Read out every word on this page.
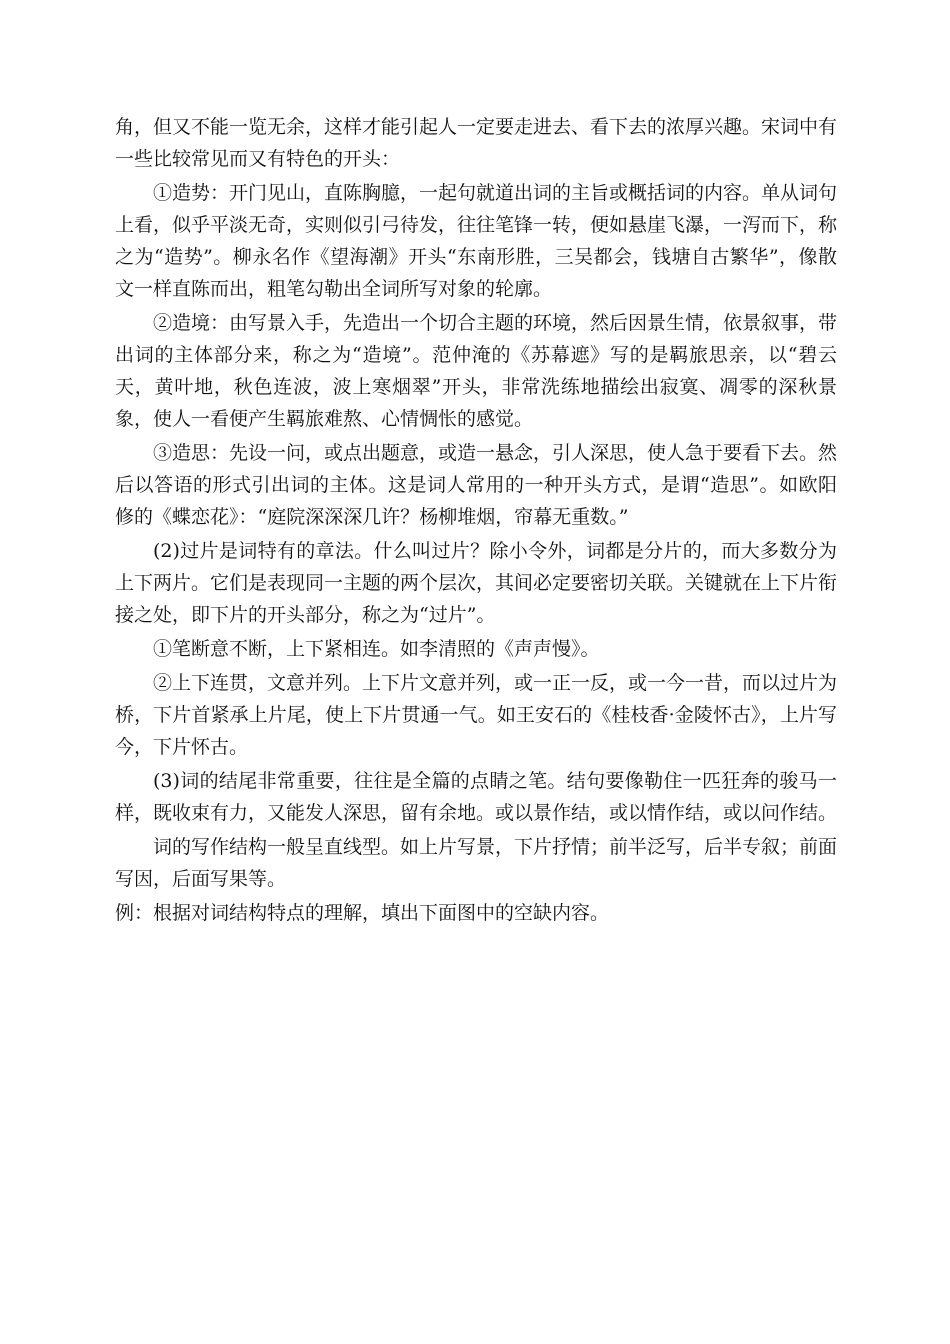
角，但又不能一览无余，这样才能引起人一定要走进去、看下去的浓厚兴趣。宋词中有一些比较常见而又有特色的开头：

①造势：开门见山，直陈胸臆，一起句就道出词的主旨或概括词的内容。单从词句上看，似乎平淡无奇，实则似引弓待发，往往笔锋一转，便如悬崖飞瀑，一泻而下，称之为“造势”。柳永名作《望海潮》开头“东南形胜，三吴都会，钱塘自古繁华”，像散文一样直陈而出，粗笔勾勒出全词所写对象的轮廓。

②造境：由写景入手，先造出一个切合主题的环境，然后因景生情，依景叙事，带出词的主体部分来，称之为“造境”。范仲淹的《苏幕遮》写的是羁旅思亲，以“碧云天，黄叶地，秋色连波，波上寒烟翠”开头，非常洗练地描绘出寂寞、凋零的深秋景象，使人一看便产生羁旅难熬、心情惆怅的感觉。

③造思：先设一问，或点出题意，或造一悬念，引人深思，使人急于要看下去。然后以答语的形式引出词的主体。这是词人常用的一种开头方式，是谓“造思”。如欧阳修的《蝶恋花》：“庭院深深深几许？杨柳堆烟，帘幕无重数。”

(2)过片是词特有的章法。什么叫过片？除小令外，词都是分片的，而大多数分为上下两片。它们是表现同一主题的两个层次，其间必定要密切关联。关键就在上下片衔接之处，即下片的开头部分，称之为“过片”。

①笔断意不断，上下紧相连。如李清照的《声声慢》。

②上下连贯，文意并列。上下片文意并列，或一正一反，或一今一昔，而以过片为桥，下片首紧承上片尾，使上下片贯通一气。如王安石的《桂枝香·金陵怀古》，上片写今，下片怀古。

(3)词的结尾非常重要，往往是全篇的点睛之笔。结句要像勒住一匹狂奔的骏马一样，既收束有力，又能发人深思，留有余地。或以景作结，或以情作结，或以问作结。

词的写作结构一般呈直线型。如上片写景，下片抒情；前半泛写，后半专叙；前面写因，后面写果等。

例：根据对词结构特点的理解，填出下面图中的空缺内容。
